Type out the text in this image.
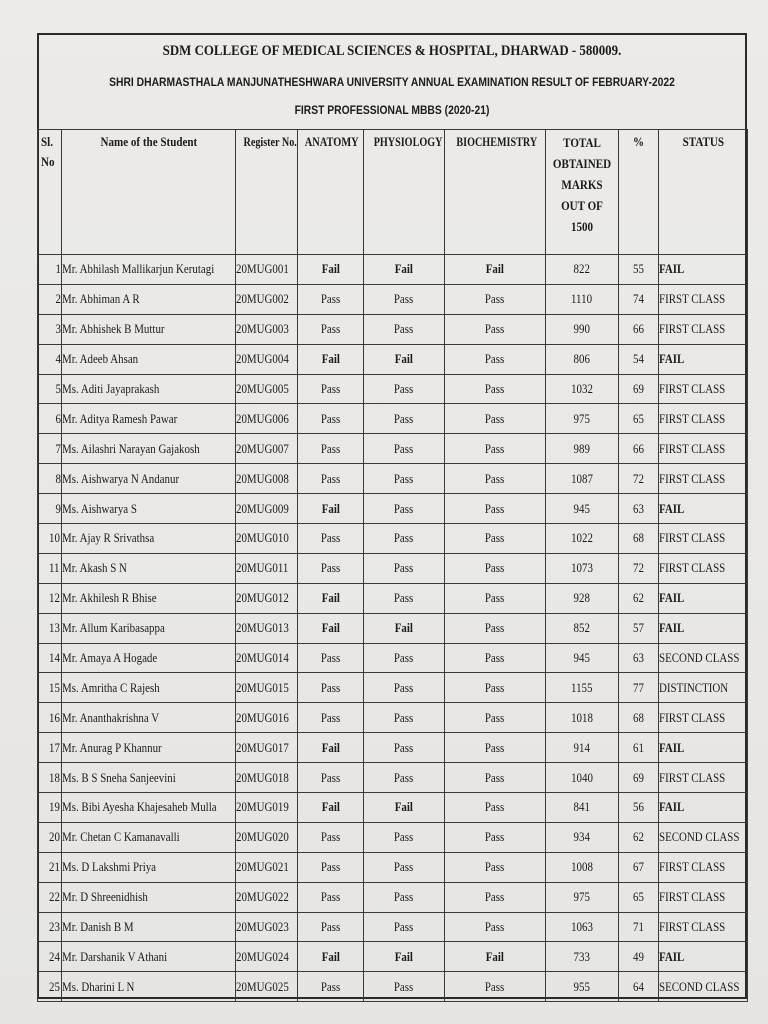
SDM COLLEGE OF MEDICAL SCIENCES & HOSPITAL, DHARWAD - 580009.
SHRI DHARMASTHALA MANJUNATHESHWARA UNIVERSITY ANNUAL EXAMINATION RESULT OF FEBRUARY-2022
FIRST PROFESSIONAL MBBS (2020-21)
Sl. No	Name of the Student	Register No.	ANATOMY	PHYSIOLOGY	BIOCHEMISTRY	TOTAL OBTAINED MARKS OUT OF 1500	%	STATUS
1	Mr. Abhilash Mallikarjun Kerutagi	20MUG001	Fail	Fail	Fail	822	55	FAIL
2	Mr. Abhiman A R	20MUG002	Pass	Pass	Pass	1110	74	FIRST CLASS
3	Mr. Abhishek B Muttur	20MUG003	Pass	Pass	Pass	990	66	FIRST CLASS
4	Mr. Adeeb Ahsan	20MUG004	Fail	Fail	Pass	806	54	FAIL
5	Ms. Aditi Jayaprakash	20MUG005	Pass	Pass	Pass	1032	69	FIRST CLASS
6	Mr. Aditya Ramesh Pawar	20MUG006	Pass	Pass	Pass	975	65	FIRST CLASS
7	Ms. Ailashri Narayan Gajakosh	20MUG007	Pass	Pass	Pass	989	66	FIRST CLASS
8	Ms. Aishwarya N Andanur	20MUG008	Pass	Pass	Pass	1087	72	FIRST CLASS
9	Ms. Aishwarya S	20MUG009	Fail	Pass	Pass	945	63	FAIL
10	Mr. Ajay R Srivathsa	20MUG010	Pass	Pass	Pass	1022	68	FIRST CLASS
11	Mr. Akash S N	20MUG011	Pass	Pass	Pass	1073	72	FIRST CLASS
12	Mr. Akhilesh R Bhise	20MUG012	Fail	Pass	Pass	928	62	FAIL
13	Mr. Allum Karibasappa	20MUG013	Fail	Fail	Pass	852	57	FAIL
14	Mr. Amaya A Hogade	20MUG014	Pass	Pass	Pass	945	63	SECOND CLASS
15	Ms. Amritha C Rajesh	20MUG015	Pass	Pass	Pass	1155	77	DISTINCTION
16	Mr. Ananthakrishna V	20MUG016	Pass	Pass	Pass	1018	68	FIRST CLASS
17	Mr. Anurag P Khannur	20MUG017	Fail	Pass	Pass	914	61	FAIL
18	Ms. B S Sneha Sanjeevini	20MUG018	Pass	Pass	Pass	1040	69	FIRST CLASS
19	Ms. Bibi Ayesha Khajesaheb Mulla	20MUG019	Fail	Fail	Pass	841	56	FAIL
20	Mr. Chetan C Kamanavalli	20MUG020	Pass	Pass	Pass	934	62	SECOND CLASS
21	Ms. D Lakshmi Priya	20MUG021	Pass	Pass	Pass	1008	67	FIRST CLASS
22	Mr. D Shreenidhish	20MUG022	Pass	Pass	Pass	975	65	FIRST CLASS
23	Mr. Danish B M	20MUG023	Pass	Pass	Pass	1063	71	FIRST CLASS
24	Mr. Darshanik V Athani	20MUG024	Fail	Fail	Fail	733	49	FAIL
25	Ms. Dharini L N	20MUG025	Pass	Pass	Pass	955	64	SECOND CLASS
